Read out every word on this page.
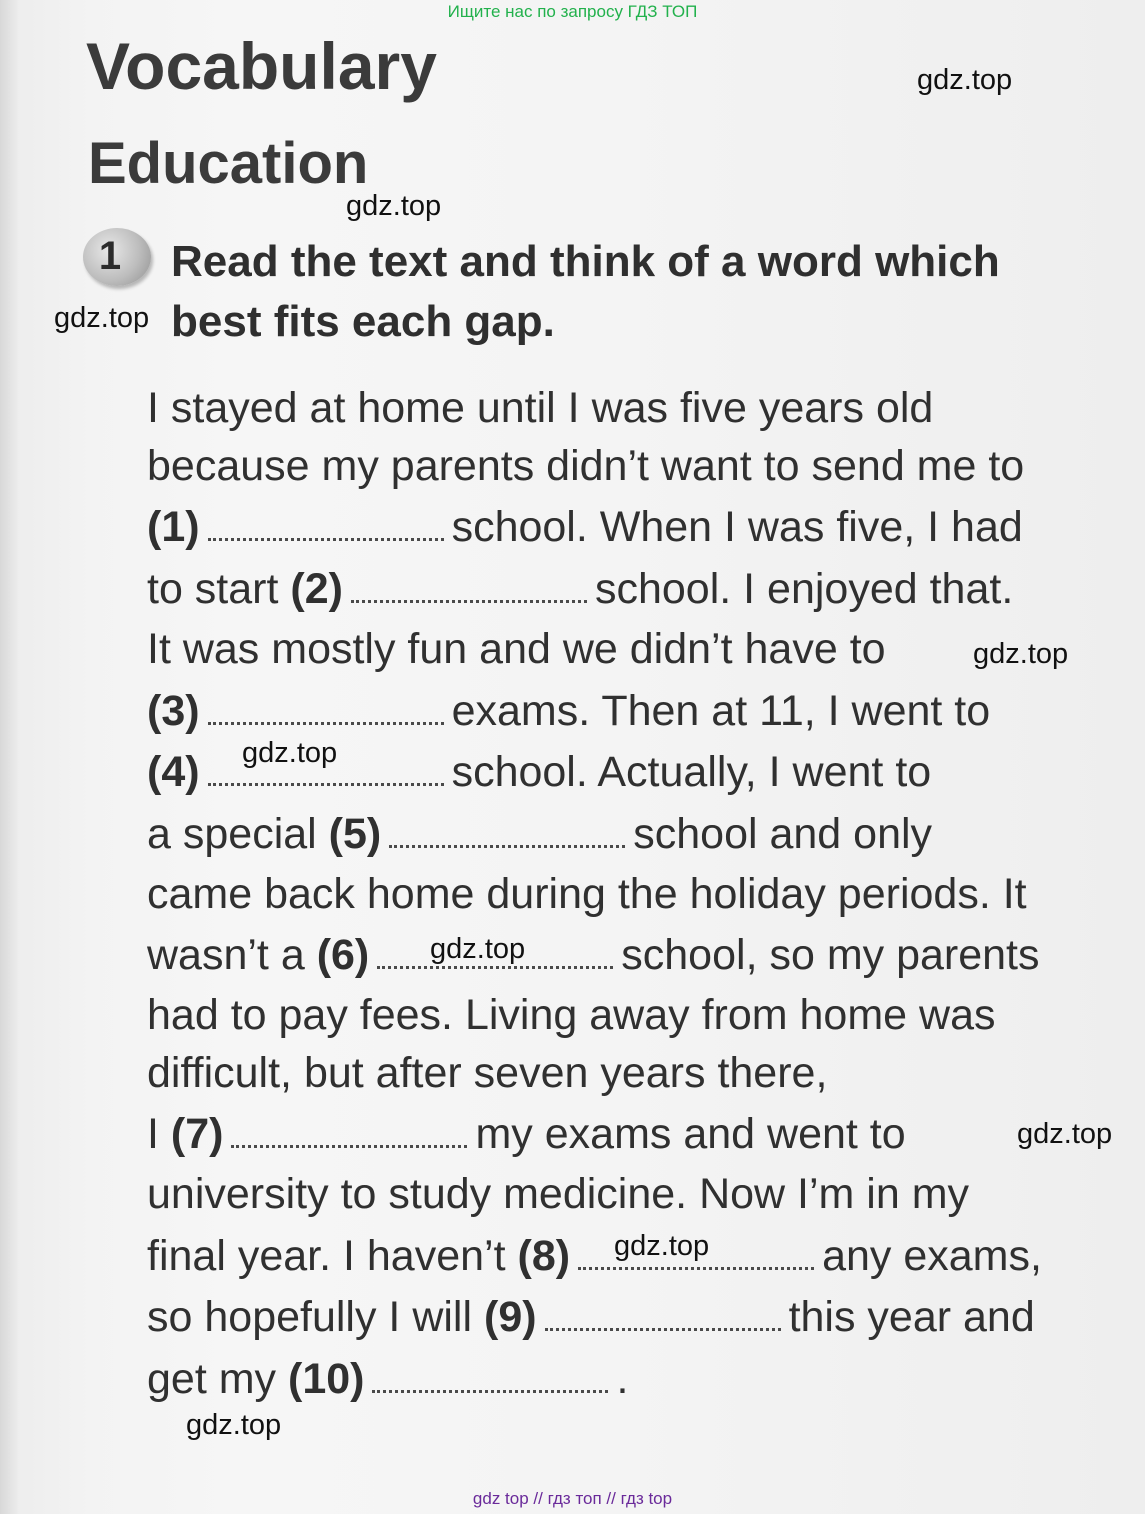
Ищите нас по запросу ГДЗ ТОП
Vocabulary
Education
1	Read the text and think of a word which best fits each gap.
I stayed at home until I was five years old
because my parents didn’t want to send me to
(1)	school. When I was five, I had
to start (2)	school. I enjoyed that.
It was mostly fun and we didn’t have to
(3)	exams. Then at 11, I went to
(4)	school. Actually, I went to
a special (5)	school and only
came back home during the holiday periods. It
wasn’t a (6)	school, so my parents
had to pay fees. Living away from home was
difficult, but after seven years there,
I (7)	my exams and went to
university to study medicine. Now I’m in my
final year. I haven’t (8)	any exams,
so hopefully I will (9)	this year and
get my (10)	.
gdz.top
gdz.top
gdz.top
gdz.top
gdz.top
gdz.top
gdz.top
gdz.top
gdz.top
gdz top // гдз топ // гдз top
